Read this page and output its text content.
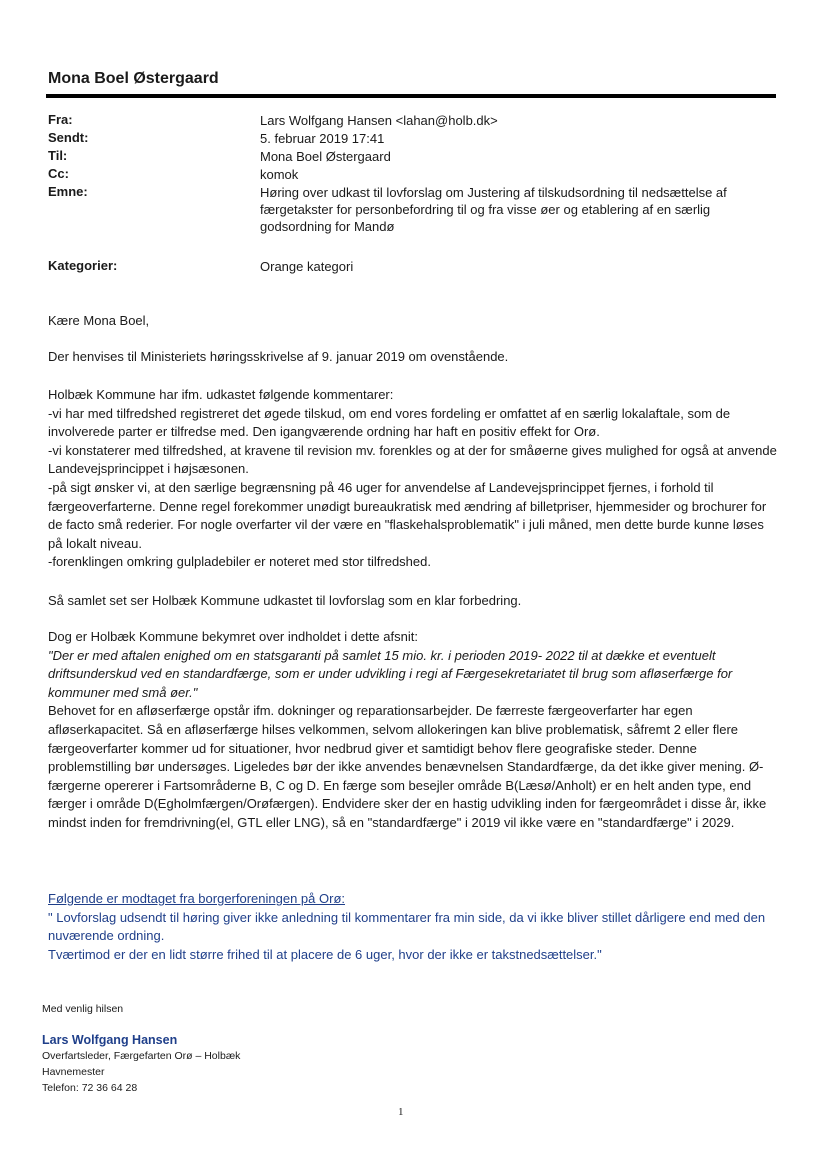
Mona Boel Østergaard
Fra:	Lars Wolfgang Hansen <lahan@holb.dk>
Sendt:	5. februar 2019 17:41
Til:	Mona Boel Østergaard
Cc:	komok
Emne:	Høring over udkast til lovforslag om Justering af tilskudsordning til nedsættelse af færgetakster for personbefordring til og fra visse øer og etablering af en særlig godsordning for Mandø
Kategorier:	Orange kategori
Kære Mona Boel,
Der henvises til Ministeriets høringsskrivelse af 9. januar 2019 om ovenstående.

Holbæk Kommune har ifm. udkastet følgende kommentarer:

-vi har med tilfredshed registreret det øgede tilskud, om end vores fordeling er omfattet af en særlig lokalaftale, som de involverede parter er tilfredse med. Den igangværende ordning har haft en positiv effekt for Orø.

-vi konstaterer med tilfredshed, at kravene til revision mv. forenkles og at der for småøerne gives mulighed for også at anvende Landevejsprincippet i højsæsonen.

-på sigt ønsker vi, at den særlige begrænsning på 46 uger for anvendelse af Landevejsprincippet fjernes, i forhold til færgeoverfarterne. Denne regel forekommer unødigt bureaukratisk med ændring af billetpriser, hjemmesider og brochurer for de facto små rederier. For nogle overfarter vil der være en "flaskehalsproblematik" i juli måned, men dette burde kunne løses på lokalt niveau.

-forenklingen omkring gulpladebiler er noteret med stor tilfredshed.

Så samlet set ser Holbæk Kommune udkastet til lovforslag som en klar forbedring.

Dog er Holbæk Kommune bekymret over indholdet i dette afsnit:

"Der er med aftalen enighed om en statsgaranti på samlet 15 mio. kr. i perioden 2019- 2022 til at dække et eventuelt driftsunderskud ved en standardfærge, som er under udvikling i regi af Færgesekretariatet til brug som afløserfærge for kommuner med små øer."

Behovet for en afløserfærge opstår ifm. dokninger og reparationsarbejder. De færreste færgeoverfarter har egen afløserkapacitet. Så en afløserfærge hilses velkommen, selvom allokeringen kan blive problematisk, såfremt 2 eller flere færgeoverfarter kommer ud for situationer, hvor nedbrud giver et samtidigt behov flere geografiske steder. Denne problemstilling bør undersøges. Ligeledes bør der ikke anvendes benævnelsen Standardfærge, da det ikke giver mening. Ø-færgerne opererer i Fartsområderne B, C og D. En færge som besejler område B(Læsø/Anholt) er en helt anden type, end færger i område D(Egholmfærgen/Orøfærgen). Endvidere sker der en hastig udvikling inden for færgeområdet i disse år, ikke mindst inden for fremdrivning(el, GTL eller LNG), så en "standardfærge" i 2019 vil ikke være en "standardfærge" i 2029.

Følgende er modtaget fra borgerforeningen på Orø:

" Lovforslag udsendt til høring giver ikke anledning til kommentarer fra min side, da vi ikke bliver stillet dårligere end med den nuværende ordning.

Tværtimod er der en lidt større frihed til at placere de 6 uger, hvor der ikke er takstnedsættelser."

Med venlig hilsen
Lars Wolfgang Hansen
Overfartsleder, Færgefarten Orø – Holbæk
Havnemester
Telefon: 72 36 64 28
1
